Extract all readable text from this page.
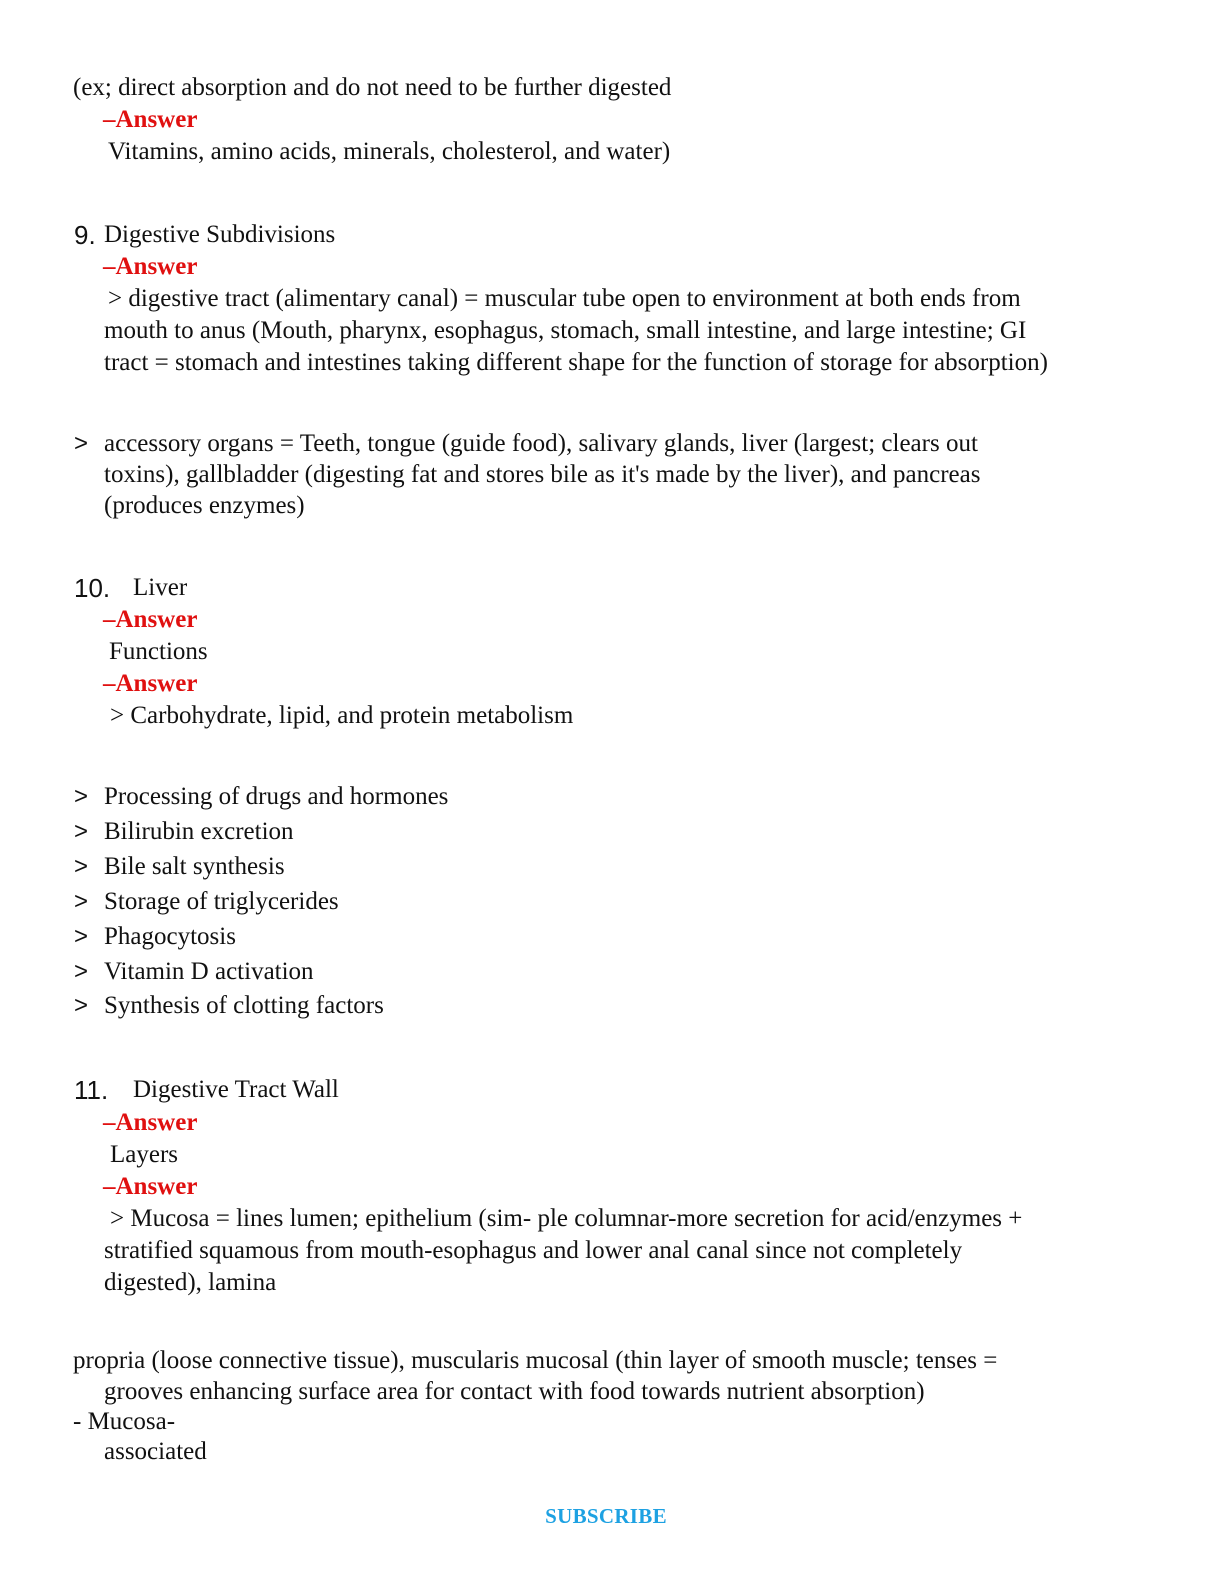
(ex; direct absorption and do not need to be further digested
–Answer
Vitamins, amino acids, minerals, cholesterol, and water)
9. Digestive Subdivisions
–Answer
> digestive tract (alimentary canal) = muscular tube open to environment at both ends from
mouth to anus (Mouth, pharynx, esophagus, stomach, small intestine, and large intestine; GI
tract = stomach and intestines taking different shape for the function of storage for absorption)
> accessory organs = Teeth, tongue (guide food), salivary glands, liver (largest; clears out
toxins), gallbladder (digesting fat and stores bile as it's made by the liver), and pancreas
(produces enzymes)
10. Liver
–Answer
Functions
–Answer
> Carbohydrate, lipid, and protein metabolism
> Processing of drugs and hormones
> Bilirubin excretion
> Bile salt synthesis
> Storage of triglycerides
> Phagocytosis
> Vitamin D activation
> Synthesis of clotting factors
11. Digestive Tract Wall
–Answer
Layers
–Answer
> Mucosa = lines lumen; epithelium (sim- ple columnar-more secretion for acid/enzymes +
stratified squamous from mouth-esophagus and lower anal canal since not completely
digested), lamina
propria (loose connective tissue), muscularis mucosal (thin layer of smooth muscle; tenses =
grooves enhancing surface area for contact with food towards nutrient absorption)
- Mucosa-
associated
SUBSCRIBE
